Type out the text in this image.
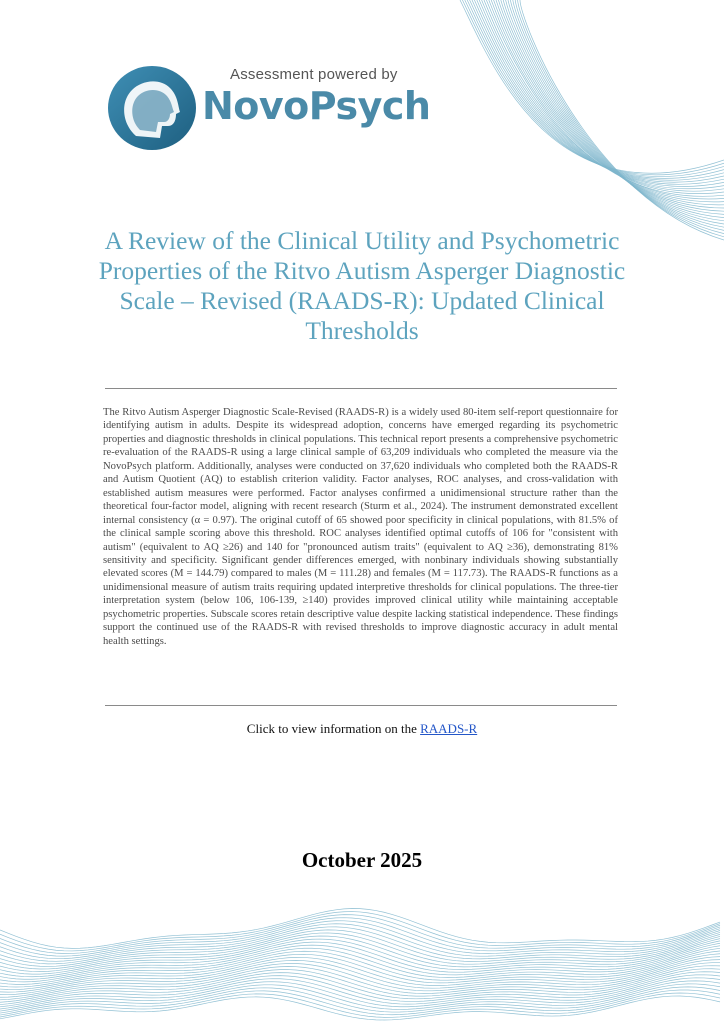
Assessment powered by
NovoPsych
A Review of the Clinical Utility and Psychometric Properties of the Ritvo Autism Asperger Diagnostic Scale – Revised (RAADS-R): Updated Clinical Thresholds

The Ritvo Autism Asperger Diagnostic Scale-Revised (RAADS-R) is a widely used 80-item self-report questionnaire for identifying autism in adults. Despite its widespread adoption, concerns have emerged regarding its psychometric properties and diagnostic thresholds in clinical populations. This technical report presents a comprehensive psychometric re-evaluation of the RAADS-R using a large clinical sample of 63,209 individuals who completed the measure via the NovoPsych platform. Additionally, analyses were conducted on 37,620 individuals who completed both the RAADS-R and Autism Quotient (AQ) to establish criterion validity. Factor analyses, ROC analyses, and cross-validation with established autism measures were performed. Factor analyses confirmed a unidimensional structure rather than the theoretical four-factor model, aligning with recent research (Sturm et al., 2024). The instrument demonstrated excellent internal consistency (α = 0.97). The original cutoff of 65 showed poor specificity in clinical populations, with 81.5% of the clinical sample scoring above this threshold. ROC analyses identified optimal cutoffs of 106 for "consistent with autism" (equivalent to AQ ≥26) and 140 for "pronounced autism traits" (equivalent to AQ ≥36), demonstrating 81% sensitivity and specificity. Significant gender differences emerged, with nonbinary individuals showing substantially elevated scores (M = 144.79) compared to males (M = 111.28) and females (M = 117.73). The RAADS-R functions as a unidimensional measure of autism traits requiring updated interpretive thresholds for clinical populations. The three-tier interpretation system (below 106, 106-139, ≥140) provides improved clinical utility while maintaining acceptable psychometric properties. Subscale scores retain descriptive value despite lacking statistical independence. These findings support the continued use of the RAADS-R with revised thresholds to improve diagnostic accuracy in adult mental health settings.

Click to view information on the RAADS-R
October 2025
